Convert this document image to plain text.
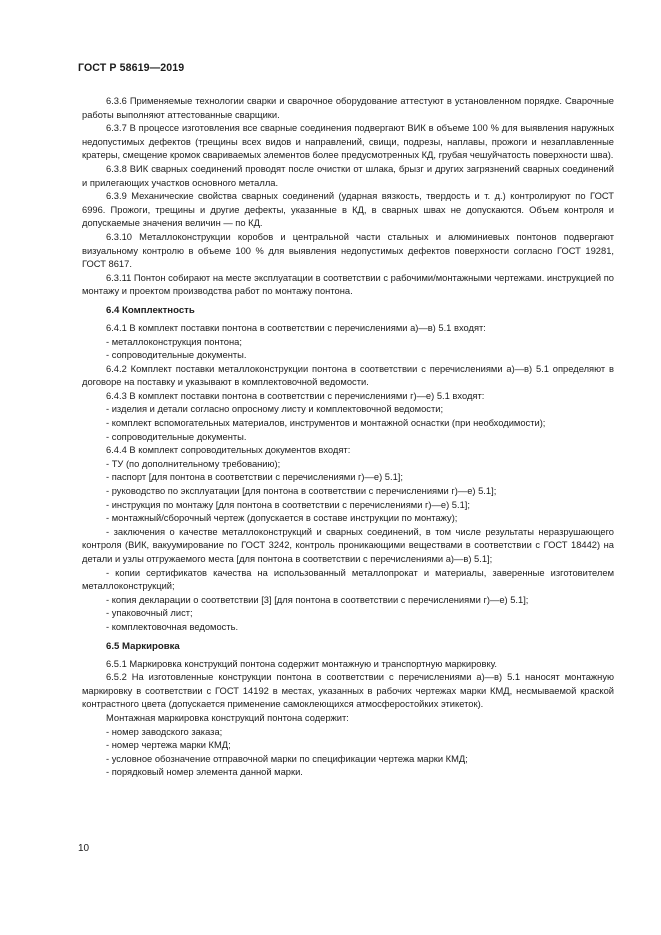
ГОСТ Р 58619—2019

6.3.6 Применяемые технологии сварки и сварочное оборудование аттестуют в установленном порядке. Сварочные работы выполняют аттестованные сварщики.

6.3.7 В процессе изготовления все сварные соединения подвергают ВИК в объеме 100 % для выявления наружных недопустимых дефектов (трещины всех видов и направлений, свищи, подрезы, наплавы, прожоги и незаплавленные кратеры, смещение кромок свариваемых элементов более предусмотренных КД, грубая чешуйчатость поверхности шва).

6.3.8 ВИК сварных соединений проводят после очистки от шлака, брызг и других загрязнений сварных соединений и прилегающих участков основного металла.

6.3.9 Механические свойства сварных соединений (ударная вязкость, твердость и т. д.) контролируют по ГОСТ 6996. Прожоги, трещины и другие дефекты, указанные в КД, в сварных швах не допускаются. Объем контроля и допускаемые значения величин — по КД.

6.3.10 Металлоконструкции коробов и центральной части стальных и алюминиевых понтонов подвергают визуальному контролю в объеме 100 % для выявления недопустимых дефектов поверхности согласно ГОСТ 19281, ГОСТ 8617.

6.3.11 Понтон собирают на месте эксплуатации в соответствии с рабочими/монтажными чертежами. инструкцией по монтажу и проектом производства работ по монтажу понтона.

6.4 Комплектность

6.4.1 В комплект поставки понтона в соответствии с перечислениями а)—в) 5.1 входят:

- металлоконструкция понтона;

- сопроводительные документы.

6.4.2 Комплект поставки металлоконструкции понтона в соответствии с перечислениями а)—в) 5.1 определяют в договоре на поставку и указывают в комплектовочной ведомости.

6.4.3 В комплект поставки понтона в соответствии с перечислениями г)—е) 5.1 входят:

- изделия и детали согласно опросному листу и комплектовочной ведомости;

- комплект вспомогательных материалов, инструментов и монтажной оснастки (при необходимости);

- сопроводительные документы.

6.4.4 В комплект сопроводительных документов входят:

- ТУ (по дополнительному требованию);

- паспорт [для понтона в соответствии с перечислениями г)—е) 5.1];

- руководство по эксплуатации [для понтона в соответствии с перечислениями г)—е) 5.1];

- инструкция по монтажу [для понтона в соответствии с перечислениями г)—е) 5.1];

- монтажный/сборочный чертеж (допускается в составе инструкции по монтажу);

- заключения о качестве металлоконструкций и сварных соединений, в том числе результаты неразрушающего контроля (ВИК, вакуумирование по ГОСТ 3242, контроль проникающими веществами в соответствии с ГОСТ 18442) на детали и узлы отгружаемого места [для понтона в соответствии с перечислениями а)—в) 5.1];

- копии сертификатов качества на использованный металлопрокат и материалы, заверенные изготовителем металлоконструкций;

- копия декларации о соответствии [3] [для понтона в соответствии с перечислениями г)—е) 5.1];

- упаковочный лист;

- комплектовочная ведомость.

6.5 Маркировка

6.5.1 Маркировка конструкций понтона содержит монтажную и транспортную маркировку.

6.5.2 На изготовленные конструкции понтона в соответствии с перечислениями а)—в) 5.1 наносят монтажную маркировку в соответствии с ГОСТ 14192 в местах, указанных в рабочих чертежах марки КМД, несмываемой краской контрастного цвета (допускается применение самоклеющихся атмосферостойких этикеток).

Монтажная маркировка конструкций понтона содержит:

- номер заводского заказа;

- номер чертежа марки КМД;

- условное обозначение отправочной марки по спецификации чертежа марки КМД;

- порядковый номер элемента данной марки.

10
